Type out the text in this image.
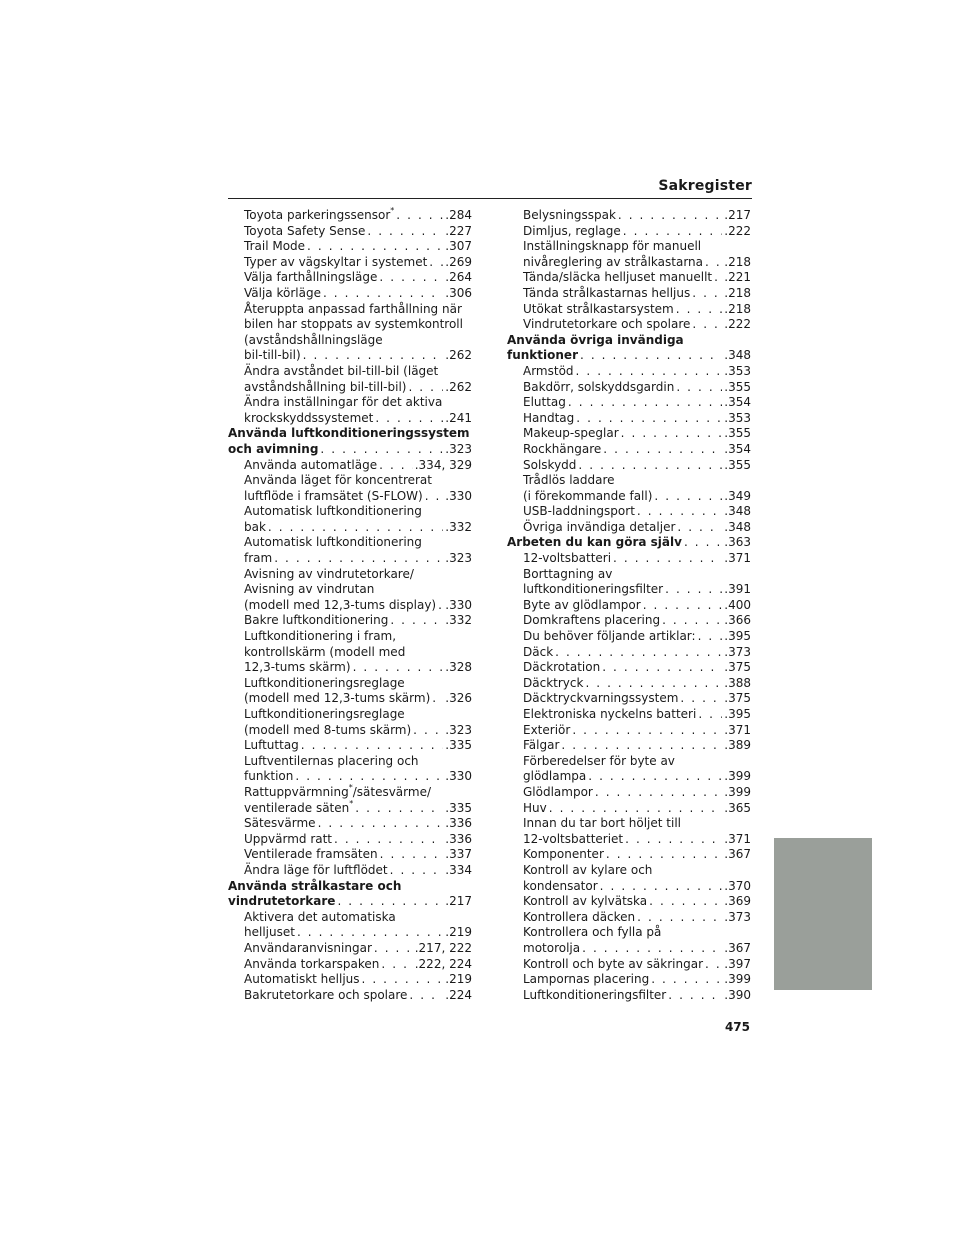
Sakregister
Toyota parkeringssensor* . . .	.284
Toyota Safety Sense . . .	.227
Trail Mode . . .	.307
Typer av vägskyltar i systemet . . . .269
Välja farthållningsläge . . .	.264
Välja körläge . . .	.306
Återuppta anpassad farthållning när
bilen har stoppats av systemkontroll
(avståndshållningsläge
bil-till-bil) . . .	.262
Ändra avståndet bil-till-bil (läget
avståndshållning bil-till-bil) . . .	.262
Ändra inställningar för det aktiva
krockskyddssystemet . . .	.241
Använda luftkonditioneringssystem
och avimning . . .	.323
Använda automatläge . . .	.334, 329
Använda läget för koncentrerat
luftflöde i framsätet (S-FLOW) . . . .330
Automatisk luftkonditionering
bak . . .	.332
Automatisk luftkonditionering
fram . . .	.323
Avisning av vindrutetorkare/
Avisning av vindrutan
(modell med 12,3-tums display) . . . .330
Bakre luftkonditionering . . .	.332
Luftkonditionering i fram,
kontrollskärm (modell med
12,3-tums skärm) . . .	.328
Luftkonditioneringsreglage
(modell med 12,3-tums skärm) . . . .326
Luftkonditioneringsreglage
(modell med 8-tums skärm) . . .	.323
Luftuttag . . .	.335
Luftventilernas placering och
funktion . . .	.330
Rattuppvärmning*/sätesvärme/
ventilerade säten* . . .	.335
Sätesvärme . . .	.336
Uppvärmd ratt . . .	.336
Ventilerade framsäten . . .	.337
Ändra läge för luftflödet . . .	.334
Använda strålkastare och
vindrutetorkare . . .	.217
Aktivera det automatiska
helljuset . . .	.219
Användaranvisningar . . .	.217, 222
Använda torkarspaken . . .	.222, 224
Automatiskt helljus . . .	.219
Bakrutetorkare och spolare . . .	.224
Belysningsspak . . .	.217
Dimljus, reglage . . .	.222
Inställningsknapp för manuell
nivåreglering av strålkastarna . . . .218
Tända/släcka helljuset manuellt . . . .221
Tända strålkastarnas helljus . . .	.218
Utökat strålkastarsystem . . .	.218
Vindrutetorkare och spolare . . .	.222
Använda övriga invändiga
funktioner . . .	.348
Armstöd . . .	.353
Bakdörr, solskyddsgardin . . .	.355
Eluttag . . .	.354
Handtag . . .	.353
Makeup-speglar . . .	.355
Rockhängare . . .	.354
Solskydd . . .	.355
Trådlös laddare
(i förekommande fall) . . .	.349
USB-laddningsport . . .	.348
Övriga invändiga detaljer . . .	.348
Arbeten du kan göra själv . . .	.363
12-voltsbatteri . . .	.371
Borttagning av
luftkonditioneringsfilter . . .	.391
Byte av glödlampor . . .	.400
Domkraftens placering . . .	.366
Du behöver följande artiklar: . . . .395
Däck . . .	.373
Däckrotation . . .	.375
Däcktryck . . .	.388
Däcktryckvarningssystem . . .	.375
Elektroniska nyckelns batteri . . . .395
Exteriör . . .	.371
Fälgar . . .	.389
Förberedelser för byte av
glödlampa . . .	.399
Glödlampor . . .	.399
Huv . . .	.365
Innan du tar bort höljet till
12-voltsbatteriet . . .	.371
Komponenter . . .	.367
Kontroll av kylare och
kondensator . . .	.370
Kontroll av kylvätska . . .	.369
Kontrollera däcken . . .	.373
Kontrollera och fylla på
motorolja . . .	.367
Kontroll och byte av säkringar . . . .397
Lampornas placering . . .	.399
Luftkonditioneringsfilter . . .	.390
475
